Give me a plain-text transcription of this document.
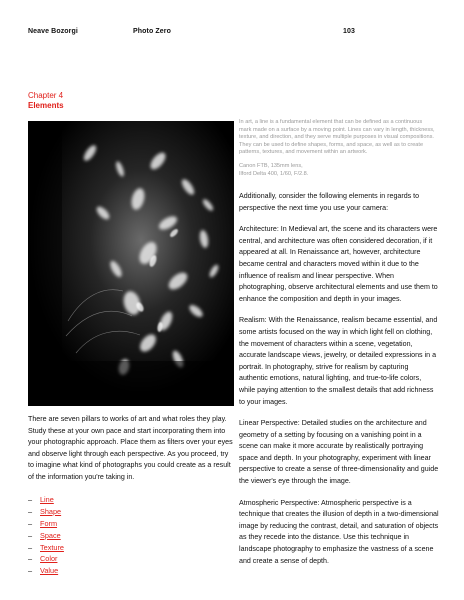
Neave Bozorgi	Photo Zero	103
Chapter 4
Elements

In art, a line is a fundamental element that can be defined as a continuous mark made on a surface by a moving point. Lines can vary in length, thickness, texture, and direction, and they serve multiple purposes in visual compositions. They can be used to define shapes, forms, and space, as well as to create patterns, textures, and movement within an artwork.

Canon FTB, 135mm lens,
Ilford Delta 400, 1/60, F/2.8.

Additionally, consider the following elements in regards to perspective the next time you use your camera:

Architecture: In Medieval art, the scene and its characters were central, and architecture was often considered decoration, if it appeared at all. In Renaissance art, however, architecture became central and characters moved within it due to the influence of realism and linear perspective. When photographing, observe architectural elements and use them to enhance the composition and depth in your images.

Realism: With the Renaissance, realism became essential, and some artists focused on the way in which light fell on clothing, the movement of characters within a scene, vegetation, accurate landscape views, jewelry, or detailed expressions in a portrait. In photography, strive for realism by capturing authentic emotions, natural lighting, and true-to-life colors, while paying attention to the smallest details that add richness to your images.

Linear Perspective: Detailed studies on the architecture and geometry of a setting by focusing on a vanishing point in a scene can make it more accurate by realistically portraying space and depth. In your photography, experiment with linear perspective to create a sense of three-dimensionality and guide the viewer's eye through the image.

Atmospheric Perspective: Atmospheric perspective is a technique that creates the illusion of depth in a two-dimensional image by reducing the contrast, detail, and saturation of objects as they recede into the distance. Use this technique in landscape photography to emphasize the vastness of a scene and create a sense of depth.

There are seven pillars to works of art and what roles they play. Study these at your own pace and start incorporating them into your photographic approach. Place them as filters over your eyes and observe light through each perspective. As you proceed, try to imagine what kind of photographs you could create as a result of the information you're taking in.

–	Line
–	Shape
–	Form
–	Space
–	Texture
–	Color
–	Value
